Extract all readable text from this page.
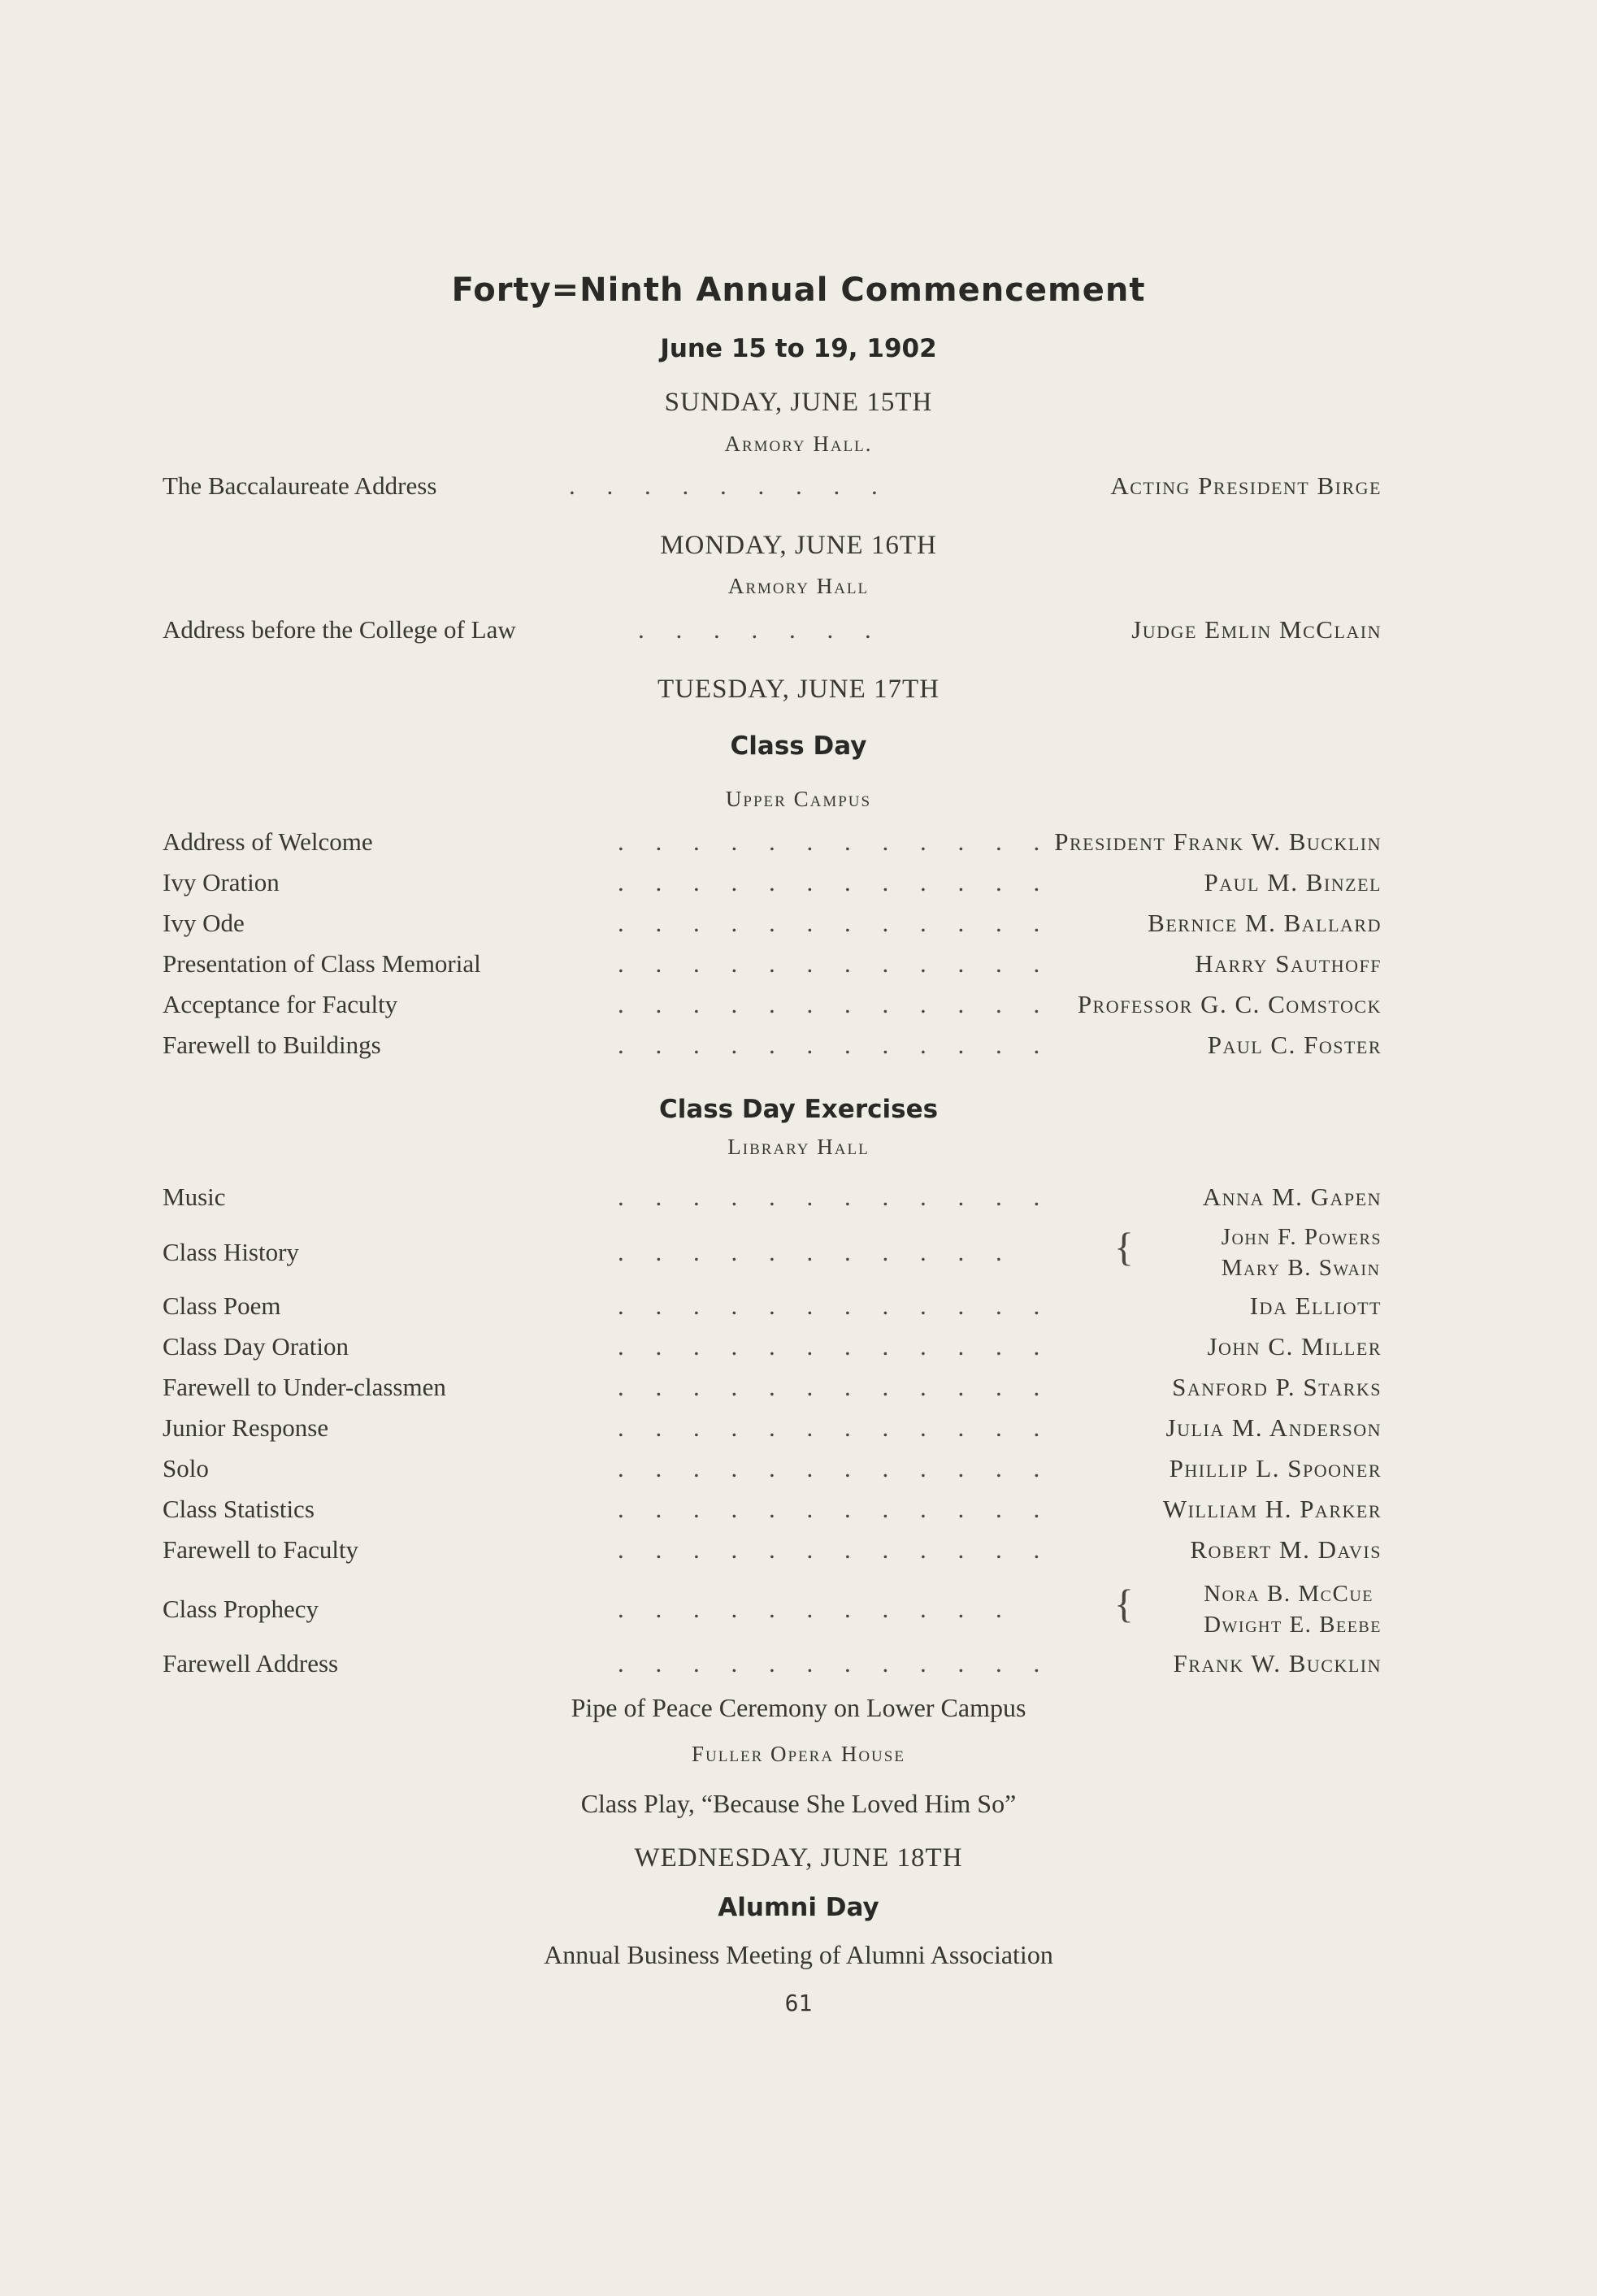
Forty=Ninth Annual Commencement
June 15 to 19, 1902
SUNDAY, JUNE 15TH
Armory Hall.
The Baccalaureate Address	.     .     .     .     .     .     .     .     .	Acting President Birge
MONDAY, JUNE 16TH
Armory Hall
Address before the College of Law	.     .     .     .     .     .     .	Judge Emlin McClain
TUESDAY, JUNE 17TH
Class Day
Upper Campus
Address of Welcome	.     .     .     .     .     .     .     .     .     .     .     . President Frank W. Bucklin
Ivy Oration	.     .     .     .     .     .     .     .     .     .     .     .	Paul M. Binzel
Ivy Ode	.     .     .     .     .     .     .     .     .     .     .     .	Bernice M. Ballard
Presentation of Class Memorial	.     .     .     .     .     .     .     .     .     .     .     .	Harry Sauthoff
Acceptance for Faculty	.     .     .     .     .     .     .     .     .     .     .     . Professor G. C. Comstock
Farewell to Buildings	.     .     .     .     .     .     .     .     .     .     .     .	Paul C. Foster
Class Day Exercises
Library Hall
Music	.     .     .     .     .     .     .     .     .     .     .     .	Anna M. Gapen
Class History	.     .     .     .     .     .     .     .     .     .     .	{	John F. Powers
Mary B. Swain
Class Poem	.     .     .     .     .     .     .     .     .     .     .     .	Ida Elliott
Class Day Oration	.     .     .     .     .     .     .     .     .     .     .     .	John C. Miller
Farewell to Under-classmen	.     .     .     .     .     .     .     .     .     .     .     .	Sanford P. Starks
Junior Response	.     .     .     .     .     .     .     .     .     .     .     .	Julia M. Anderson
Solo	.     .     .     .     .     .     .     .     .     .     .     .	Phillip L. Spooner
Class Statistics	.     .     .     .     .     .     .     .     .     .     .     .	William H. Parker
Farewell to Faculty	.     .     .     .     .     .     .     .     .     .     .     .	Robert M. Davis
Class Prophecy	.     .     .     .     .     .     .     .     .     .     .	{	Nora B. McCue
Dwight E. Beebe
Farewell Address	.     .     .     .     .     .     .     .     .     .     .     .	Frank W. Bucklin
Pipe of Peace Ceremony on Lower Campus
Fuller Opera House
Class Play, “Because She Loved Him So”
WEDNESDAY, JUNE 18TH
Alumni Day
Annual Business Meeting of Alumni Association
61
